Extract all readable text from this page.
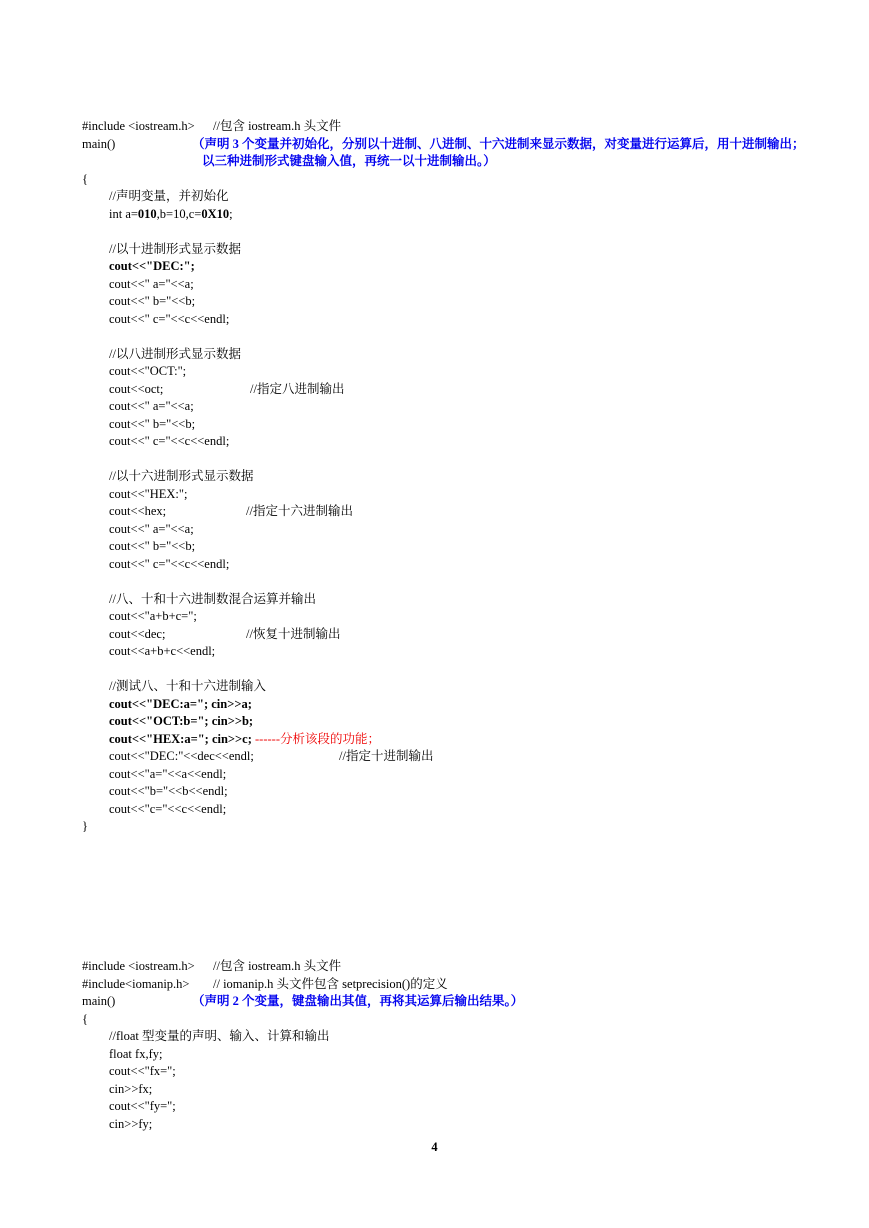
#include <iostream.h> //包含 iostream.h 头文件
main()	（声明 3 个变量并初始化，分别以十进制、八进制、十六进制来显示数据，对变量进行运算后，用十进制输出；
以三种进制形式键盘输入值，再统一以十进制输出。）
{
//声明变量，并初始化
int a=010,b=10,c=0X10;
//以十进制形式显示数据
cout<<"DEC:";
cout<<" a="<<a;
cout<<" b="<<b;
cout<<" c="<<c<<endl;
//以八进制形式显示数据
cout<<"OCT:";
cout<<oct;	//指定八进制输出
cout<<" a="<<a;
cout<<" b="<<b;
cout<<" c="<<c<<endl;
//以十六进制形式显示数据
cout<<"HEX:";
cout<<hex;	//指定十六进制输出
cout<<" a="<<a;
cout<<" b="<<b;
cout<<" c="<<c<<endl;
//八、十和十六进制数混合运算并输出
cout<<"a+b+c=";
cout<<dec;	//恢复十进制输出
cout<<a+b+c<<endl;
//测试八、十和十六进制输入
cout<<"DEC:a="; cin>>a;
cout<<"OCT:b="; cin>>b;
cout<<"HEX:a="; cin>>c; ------分析该段的功能；
cout<<"DEC:"<<dec<<endl;	//指定十进制输出
cout<<"a="<<a<<endl;
cout<<"b="<<b<<endl;
cout<<"c="<<c<<endl;
}
#include <iostream.h> //包含 iostream.h 头文件
#include<iomanip.h> // iomanip.h 头文件包含 setprecision()的定义
main()	（声明 2 个变量，键盘输出其值，再将其运算后输出结果。）
{
//float 型变量的声明、输入、计算和输出
float fx,fy;
cout<<"fx=";
cin>>fx;
cout<<"fy=";
cin>>fy;
4
